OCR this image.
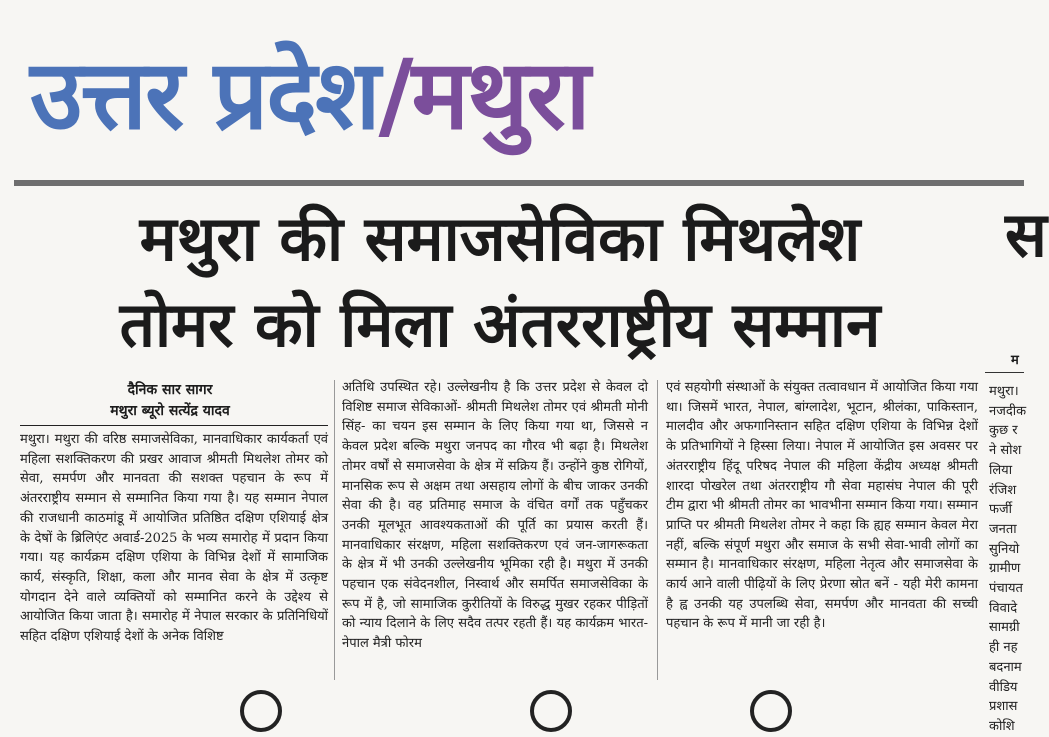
उत्तर प्रदेश/मथुरा
मथुरा की समाजसेविका मिथलेश
तोमर को मिला अंतरराष्ट्रीय सम्मान
दैनिक सार सागर
मथुरा ब्यूरो सत्येंद्र यादव
मथुरा। मथुरा की वरिष्ठ समाजसेविका, मानवाधिकार कार्यकर्ता एवं महिला सशक्तिकरण की प्रखर आवाज श्रीमती मिथलेश तोमर को सेवा, समर्पण और मानवता की सशक्त पहचान के रूप में अंतरराष्ट्रीय सम्मान से सम्मानित किया गया है। यह सम्मान नेपाल की राजधानी काठमांडू में आयोजित प्रतिष्ठित दक्षिण एशियाई क्षेत्र के देषों के ब्रिलिएंट अवार्ड-2025 के भव्य समारोह में प्रदान किया गया। यह कार्यक्रम दक्षिण एशिया के विभिन्न देशों में सामाजिक कार्य, संस्कृति, शिक्षा, कला और मानव सेवा के क्षेत्र में उत्कृष्ट योगदान देने वाले व्यक्तियों को सम्मानित करने के उद्देश्य से आयोजित किया जाता है। समारोह में नेपाल सरकार के प्रतिनिधियों सहित दक्षिण एशियाई देशों के अनेक विशिष्ट
अतिथि उपस्थित रहे। उल्लेखनीय है कि उत्तर प्रदेश से केवल दो विशिष्ट समाज सेविकाओं- श्रीमती मिथलेश तोमर एवं श्रीमती मोनी सिंह- का चयन इस सम्मान के लिए किया गया था, जिससे न केवल प्रदेश बल्कि मथुरा जनपद का गौरव भी बढ़ा है। मिथलेश तोमर वर्षों से समाजसेवा के क्षेत्र में सक्रिय हैं। उन्होंने कुष्ठ रोगियों, मानसिक रूप से अक्षम तथा असहाय लोगों के बीच जाकर उनकी सेवा की है। वह प्रतिमाह समाज के वंचित वर्गों तक पहुँचकर उनकी मूलभूत आवश्यकताओं की पूर्ति का प्रयास करती हैं। मानवाधिकार संरक्षण, महिला सशक्तिकरण एवं जन-जागरूकता के क्षेत्र में भी उनकी उल्लेखनीय भूमिका रही है। मथुरा में उनकी पहचान एक संवेदनशील, निस्वार्थ और समर्पित समाजसेविका के रूप में है, जो सामाजिक कुरीतियों के विरुद्ध मुखर रहकर पीड़ितों को न्याय दिलाने के लिए सदैव तत्पर रहती हैं। यह कार्यक्रम भारत-नेपाल मैत्री फोरम
एवं सहयोगी संस्थाओं के संयुक्त तत्वावधान में आयोजित किया गया था। जिसमें भारत, नेपाल, बांग्लादेश, भूटान, श्रीलंका, पाकिस्तान, मालदीव और अफगानिस्तान सहित दक्षिण एशिया के विभिन्न देशों के प्रतिभागियों ने हिस्सा लिया। नेपाल में आयोजित इस अवसर पर अंतरराष्ट्रीय हिंदू परिषद नेपाल की महिला केंद्रीय अध्यक्ष श्रीमती शारदा पोखरेल तथा अंतरराष्ट्रीय गौ सेवा महासंघ नेपाल की पूरी टीम द्वारा भी श्रीमती तोमर का भावभीना सम्मान किया गया। सम्मान प्राप्ति पर श्रीमती मिथलेश तोमर ने कहा कि ह्यह सम्मान केवल मेरा नहीं, बल्कि संपूर्ण मथुरा और समाज के सभी सेवा-भावी लोगों का सम्मान है। मानवाधिकार संरक्षण, महिला नेतृत्व और समाजसेवा के कार्य आने वाली पीढ़ियों के लिए प्रेरणा स्रोत बनें - यही मेरी कामना है ह्व उनकी यह उपलब्धि सेवा, समर्पण और मानवता की सच्ची पहचान के रूप में मानी जा रही है।
स
म
मथुरा।
नजदीक
कुछ र
ने सोश
लिया
रंजिश
फर्जी
जनता
सुनियो
ग्रामीण
पंचायत
विवादे
सामग्री
ही नह
बदनाम
वीडिय
प्रशास
कोशि
